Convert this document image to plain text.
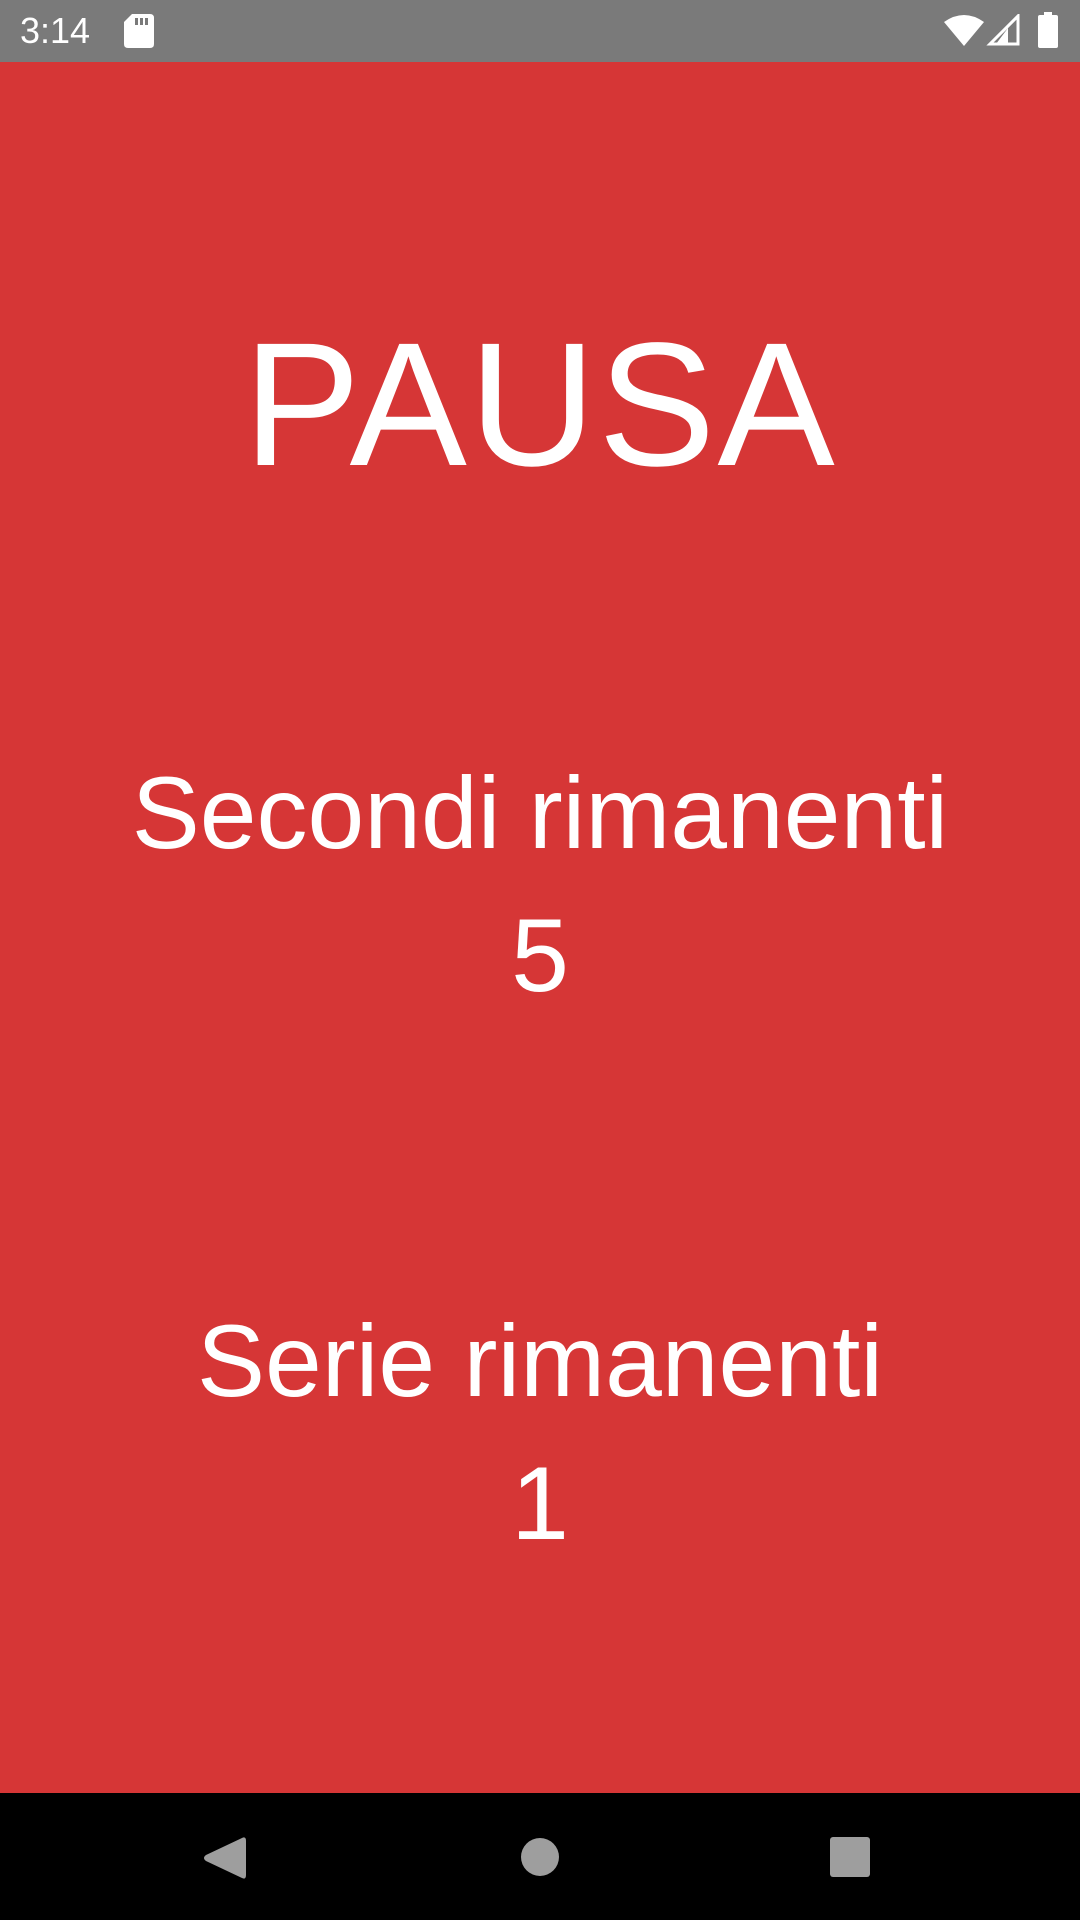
3:14
PAUSA
Secondi rimanenti
5
Serie rimanenti
1
